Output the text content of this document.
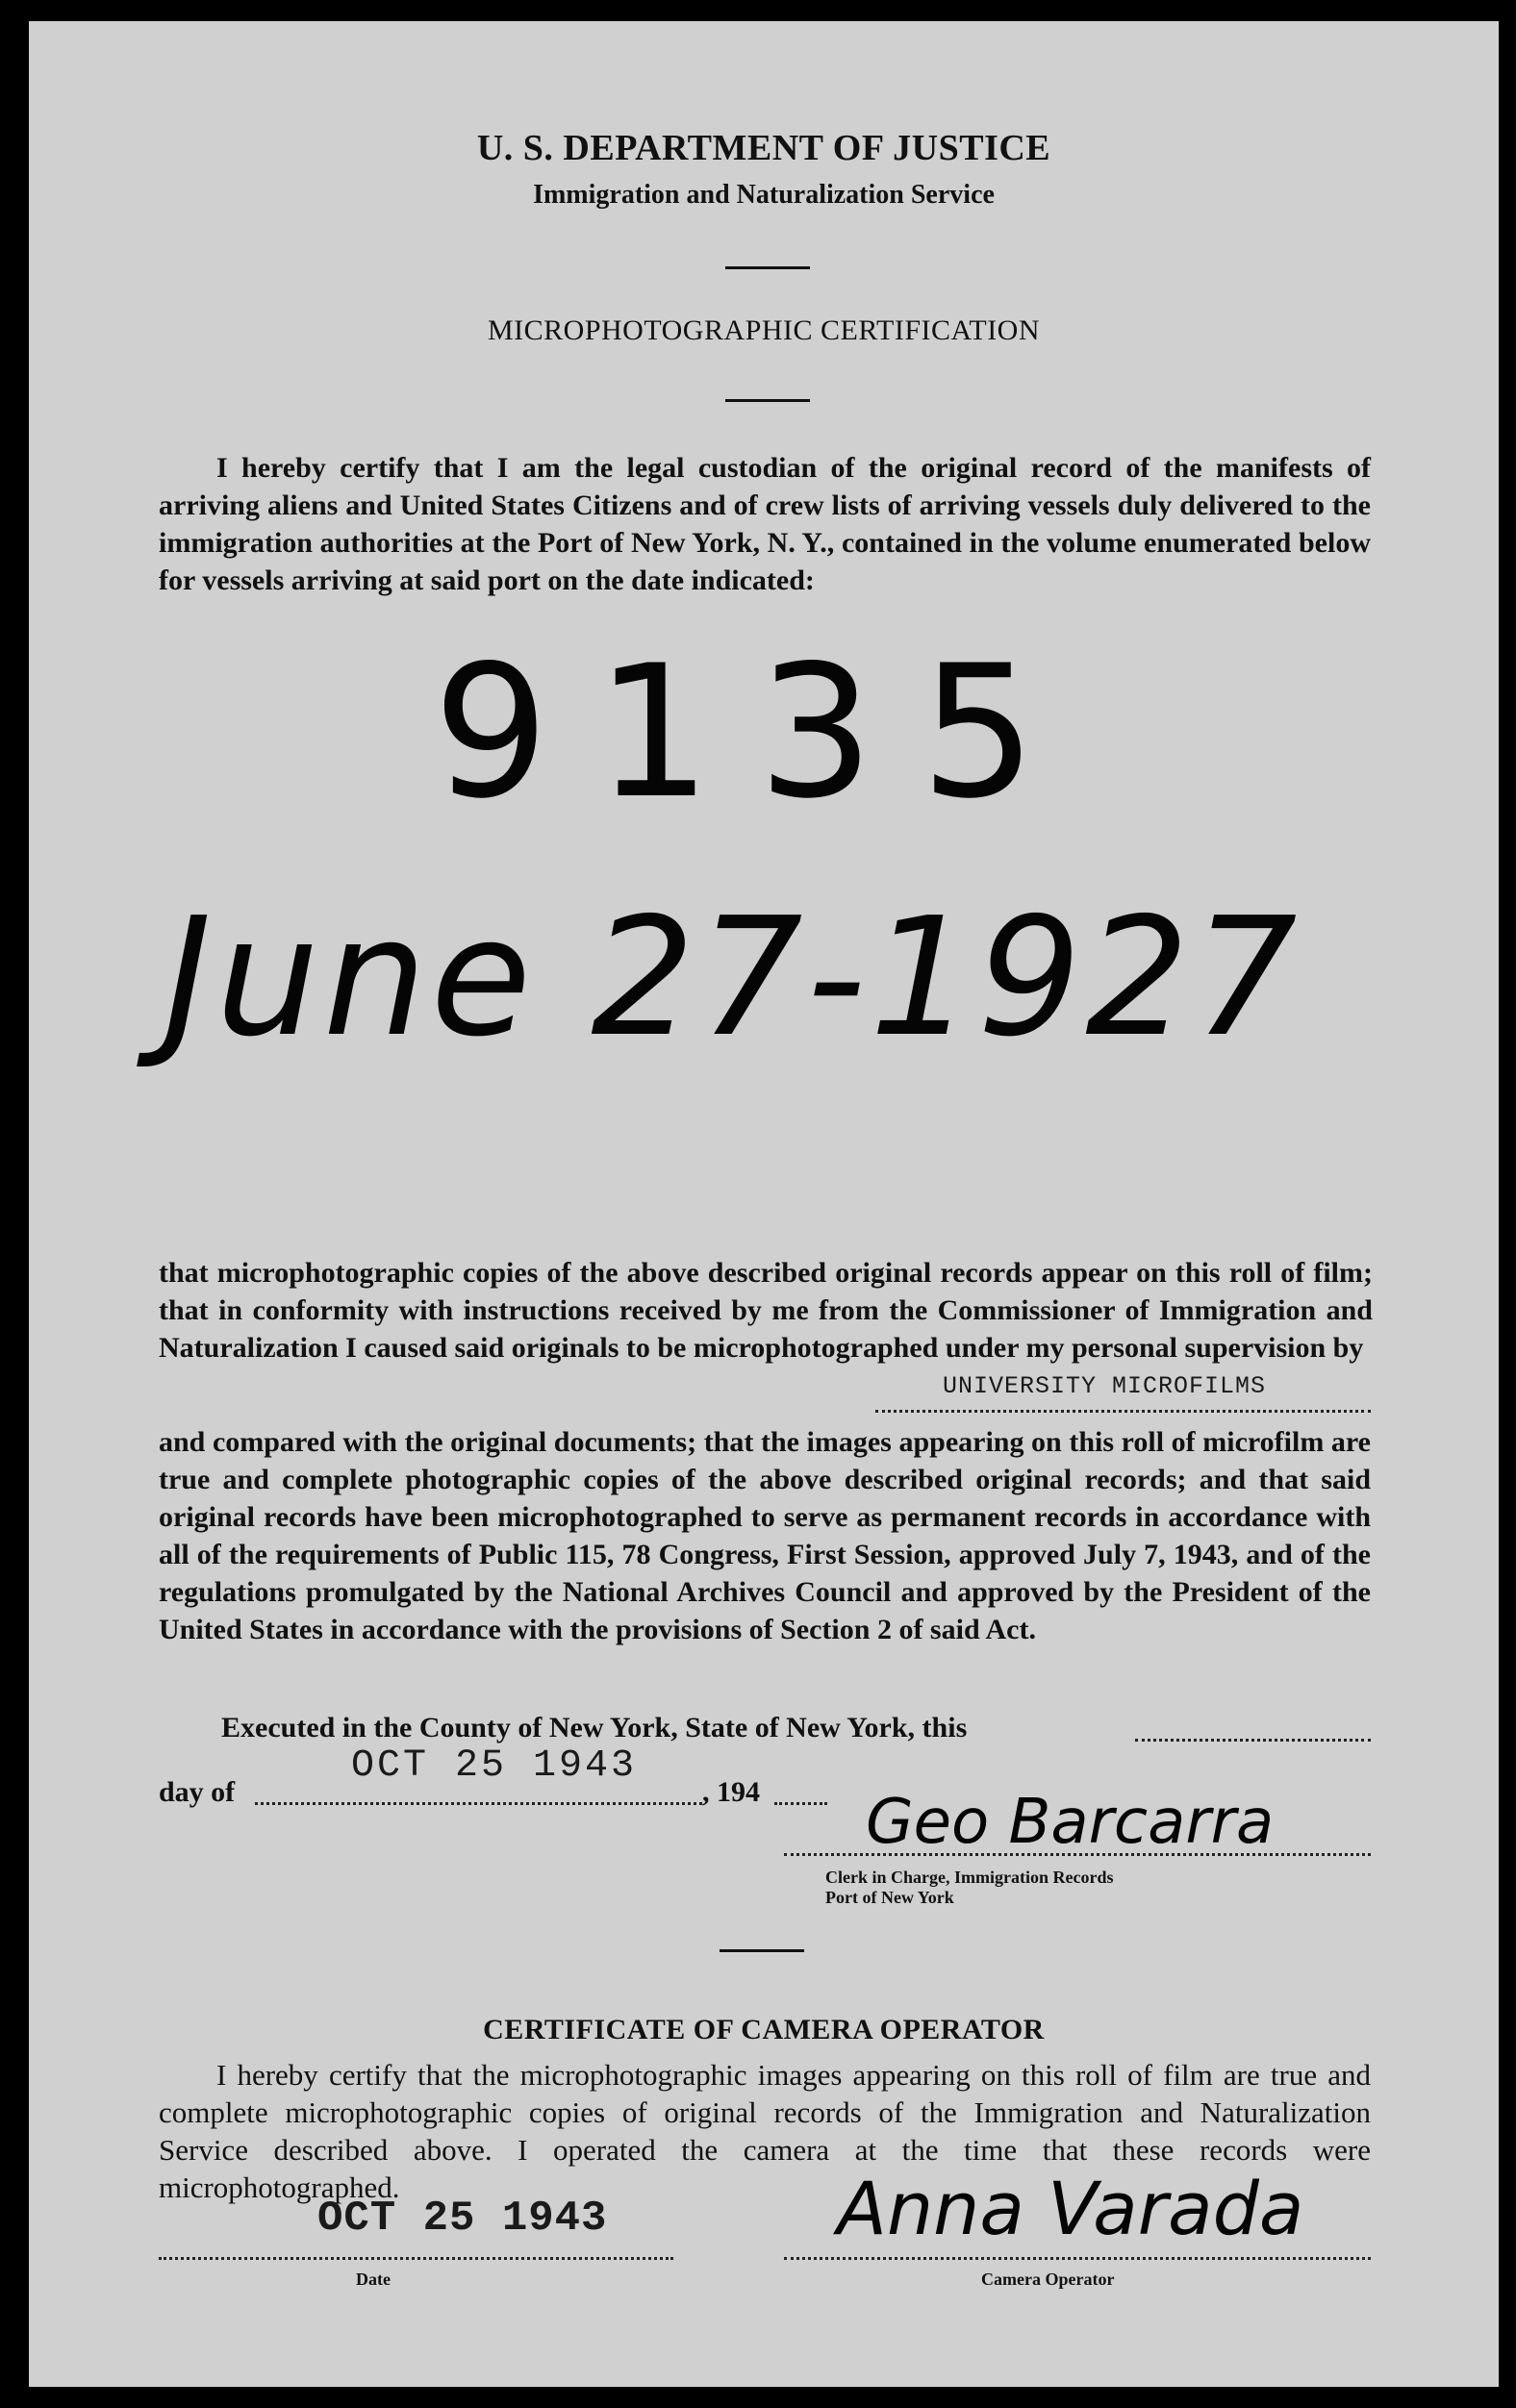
U. S. DEPARTMENT OF JUSTICE
Immigration and Naturalization Service
MICROPHOTOGRAPHIC CERTIFICATION
I hereby certify that I am the legal custodian of the original record of the manifests of arriving aliens and United States Citizens and of crew lists of arriving vessels duly delivered to the immigration authorities at the Port of New York, N. Y., contained in the volume enumerated below for vessels arriving at said port on the date indicated:
9135
June 27-1927
that microphotographic copies of the above described original records appear on this roll of film; that in conformity with instructions received by me from the Commissioner of Immigration and Naturalization I caused said originals to be microphotographed under my personal supervision by
UNIVERSITY MICROFILMS
and compared with the original documents; that the images appearing on this roll of microfilm are true and complete photographic copies of the above described original records; and that said original records have been microphotographed to serve as permanent records in accordance with all of the requirements of Public 115, 78 Congress, First Session, approved July 7, 1943, and of the regulations promulgated by the National Archives Council and approved by the President of the United States in accordance with the provisions of Section 2 of said Act.
Executed in the County of New York, State of New York, this
day of
OCT 25 1943
, 194 Geo Barcarra
Clerk in Charge, Immigration Records
Port of New York
CERTIFICATE OF CAMERA OPERATOR
I hereby certify that the microphotographic images appearing on this roll of film are true and complete microphotographic copies of original records of the Immigration and Naturalization Service described above. I operated the camera at the time that these records were microphotographed.
OCT 25 1943
Date
Anna Varada
Camera Operator
